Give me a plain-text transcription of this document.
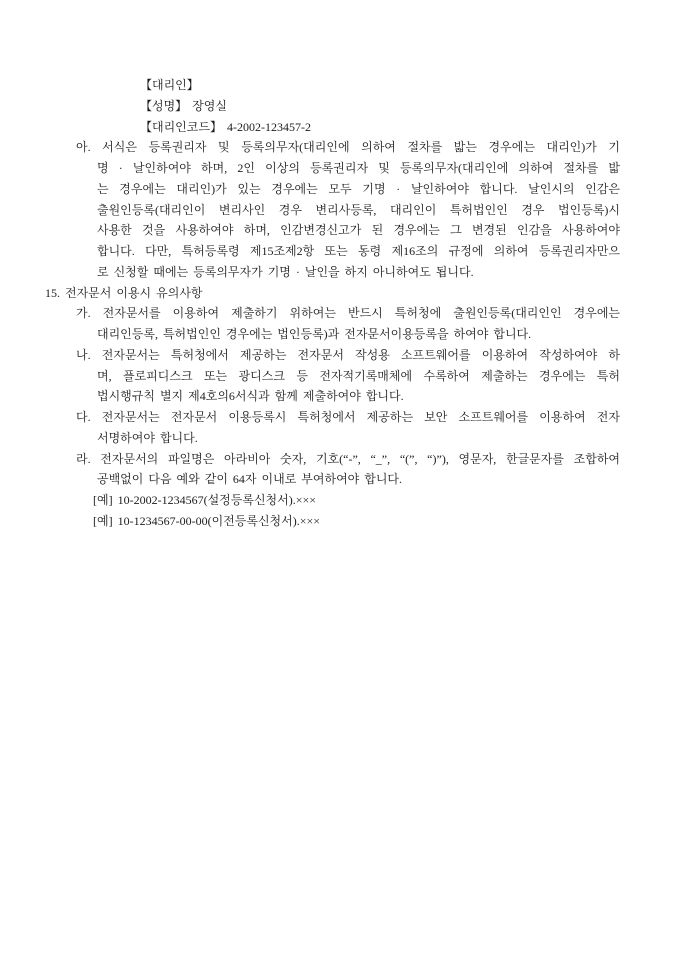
【대리인】
【성명】 장영실
【대리인코드】 4-2002-123457-2
아. 서식은 등록권리자 및 등록의무자(대리인에 의하여 절차를 밟는 경우에는 대리인)가 기
명 · 날인하여야 하며, 2인 이상의 등록권리자 및 등록의무자(대리인에 의하여 절차를 밟
는 경우에는 대리인)가 있는 경우에는 모두 기명 · 날인하여야 합니다. 날인시의 인감은
출원인등록(대리인이 변리사인 경우 변리사등록, 대리인이 특허법인인 경우 법인등록)시
사용한 것을 사용하여야 하며, 인감변경신고가 된 경우에는 그 변경된 인감을 사용하여야
합니다. 다만, 특허등록령 제15조제2항 또는 동령 제16조의 규정에 의하여 등록권리자만으
로 신청할 때에는 등록의무자가 기명 · 날인을 하지 아니하여도 됩니다.
15. 전자문서 이용시 유의사항
가. 전자문서를 이용하여 제출하기 위하여는 반드시 특허청에 출원인등록(대리인인 경우에는
대리인등록, 특허법인인 경우에는 법인등록)과 전자문서이용등록을 하여야 합니다.
나. 전자문서는 특허청에서 제공하는 전자문서 작성용 소프트웨어를 이용하여 작성하여야 하
며, 플로피디스크 또는 광디스크 등 전자적기록매체에 수록하여 제출하는 경우에는 특허
법시행규칙 별지 제4호의6서식과 함께 제출하여야 합니다.
다. 전자문서는 전자문서 이용등록시 특허청에서 제공하는 보안 소프트웨어를 이용하여 전자
서명하여야 합니다.
라. 전자문서의 파일명은 아라비아 숫자, 기호(“-”, “_”, “(”, “)”), 영문자, 한글문자를 조합하여
공백없이 다음 예와 같이 64자 이내로 부여하여야 합니다.
[예] 10-2002-1234567(설정등록신청서).×××
[예] 10-1234567-00-00(이전등록신청서).×××
